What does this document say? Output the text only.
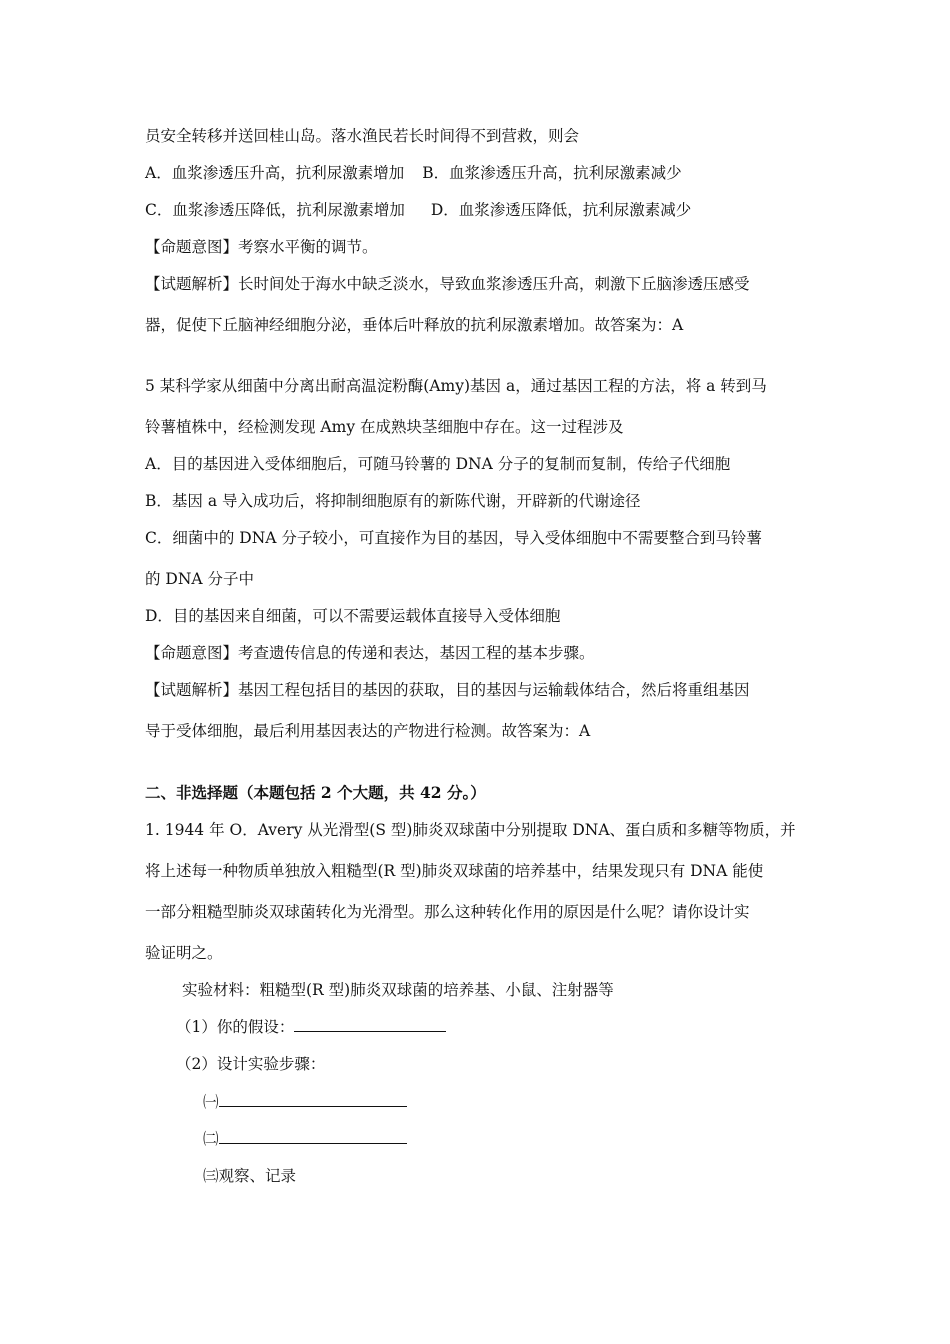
员安全转移并送回桂山岛。落水渔民若长时间得不到营救，则会
A．血浆渗透压升高，抗利尿激素增加 B．血浆渗透压升高，抗利尿激素减少
C．血浆渗透压降低，抗利尿激素增加 D．血浆渗透压降低，抗利尿激素减少
【命题意图】考察水平衡的调节。
【试题解析】长时间处于海水中缺乏淡水，导致血浆渗透压升高，刺激下丘脑渗透压感受
器，促使下丘脑神经细胞分泌，垂体后叶释放的抗利尿激素增加。故答案为：A
5 某科学家从细菌中分离出耐高温淀粉酶(Amy)基因 a，通过基因工程的方法，将 a 转到马
铃薯植株中，经检测发现 Amy 在成熟块茎细胞中存在。这一过程涉及
A．目的基因进入受体细胞后，可随马铃薯的 DNA 分子的复制而复制，传给子代细胞
B．基因 a 导入成功后，将抑制细胞原有的新陈代谢，开辟新的代谢途径
C．细菌中的 DNA 分子较小，可直接作为目的基因，导入受体细胞中不需要整合到马铃薯
的 DNA 分子中
D．目的基因来自细菌，可以不需要运载体直接导入受体细胞
【命题意图】考查遗传信息的传递和表达，基因工程的基本步骤。
【试题解析】基因工程包括目的基因的获取，目的基因与运输载体结合，然后将重组基因
导于受体细胞，最后利用基因表达的产物进行检测。故答案为：A
二、非选择题（本题包括 2 个大题，共 42 分。）
1. 1944 年 O．Avery 从光滑型(S 型)肺炎双球菌中分别提取 DNA、蛋白质和多糖等物质，并
将上述每一种物质单独放入粗糙型(R 型)肺炎双球菌的培养基中，结果发现只有 DNA 能使
一部分粗糙型肺炎双球菌转化为光滑型。那么这种转化作用的原因是什么呢？请你设计实
验证明之。
实验材料：粗糙型(R 型)肺炎双球菌的培养基、小鼠、注射器等
（1）你的假设：
（2）设计实验步骤：
㈠
㈡
㈢观察、记录
